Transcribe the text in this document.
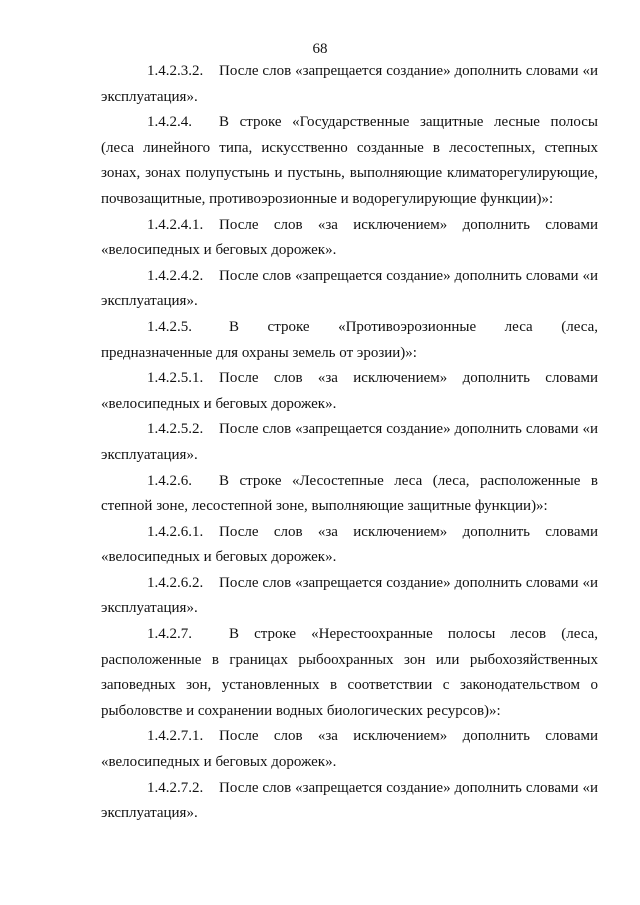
68

1.4.2.3.2. После слов «запрещается создание» дополнить словами «и эксплуатация».

1.4.2.4. В строке «Государственные защитные лесные полосы (леса линейного типа, искусственно созданные в лесостепных, степных зонах, зонах полупустынь и пустынь, выполняющие климаторегулирующие, почвозащитные, противоэрозионные и водорегулирующие функции)»:

1.4.2.4.1. После слов «за исключением» дополнить словами «велосипедных и беговых дорожек».

1.4.2.4.2. После слов «запрещается создание» дополнить словами «и эксплуатация».

1.4.2.5. В строке «Противоэрозионные леса (леса, предназначенные для охраны земель от эрозии)»:

1.4.2.5.1. После слов «за исключением» дополнить словами «велосипедных и беговых дорожек».

1.4.2.5.2. После слов «запрещается создание» дополнить словами «и эксплуатация».

1.4.2.6. В строке «Лесостепные леса (леса, расположенные в степной зоне, лесостепной зоне, выполняющие защитные функции)»:

1.4.2.6.1. После слов «за исключением» дополнить словами «велосипедных и беговых дорожек».

1.4.2.6.2. После слов «запрещается создание» дополнить словами «и эксплуатация».

1.4.2.7. В строке «Нерестоохранные полосы лесов (леса, расположенные в границах рыбоохранных зон или рыбохозяйственных заповедных зон, установленных в соответствии с законодательством о рыболовстве и сохранении водных биологических ресурсов)»:

1.4.2.7.1. После слов «за исключением» дополнить словами «велосипедных и беговых дорожек».

1.4.2.7.2. После слов «запрещается создание» дополнить словами «и эксплуатация».
